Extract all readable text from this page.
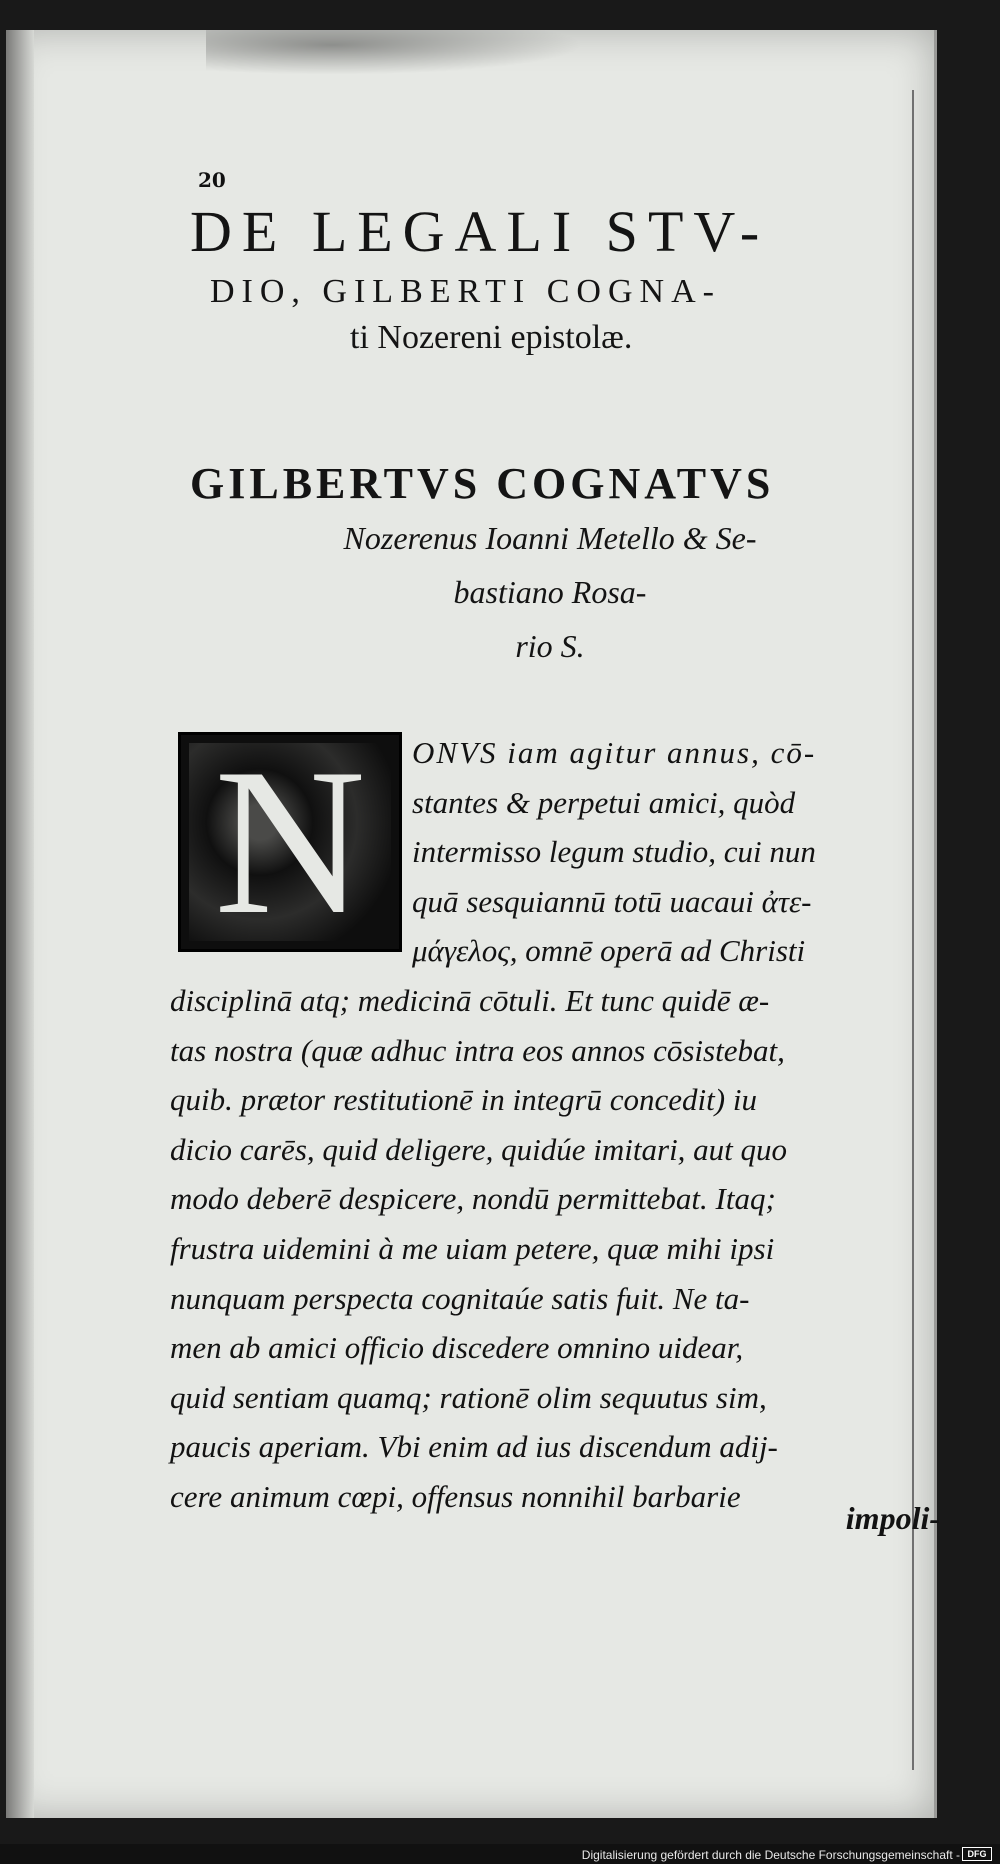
20
DE LEGALI STV-
DIO, GILBERTI COGNA-
ti Nozereni epistolæ.
GILBERTVS COGNATVS
Nozerenus Ioanni Metello & Se-
bastiano Rosa-
rio S.
N	ONVS iam agitur annus, cō-
stantes & perpetui amici, quòd
intermisso legum studio, cui nun
quā sesquiannū totū uacaui ἀτε-
μάγελος, omnē operā ad Christi
disciplinā atq; medicinā cōtuli. Et tunc quidē æ-
tas nostra (quæ adhuc intra eos annos cōsistebat,
quib. prætor restitutionē in integrū concedit) iu
dicio carēs, quid deligere, quidúe imitari, aut quo
modo deberē despicere, nondū permittebat. Itaq;
frustra uidemini à me uiam petere, quæ mihi ipsi
nunquam perspecta cognitaúe satis fuit. Ne ta-
men ab amici officio discedere omnino uidear,
quid sentiam quamq; rationē olim sequutus sim,
paucis aperiam. Vbi enim ad ius discendum adij-
cere animum cœpi, offensus nonnihil barbarie
impoli-
Digitalisierung gefördert durch die Deutsche Forschungsgemeinschaft - DFG
